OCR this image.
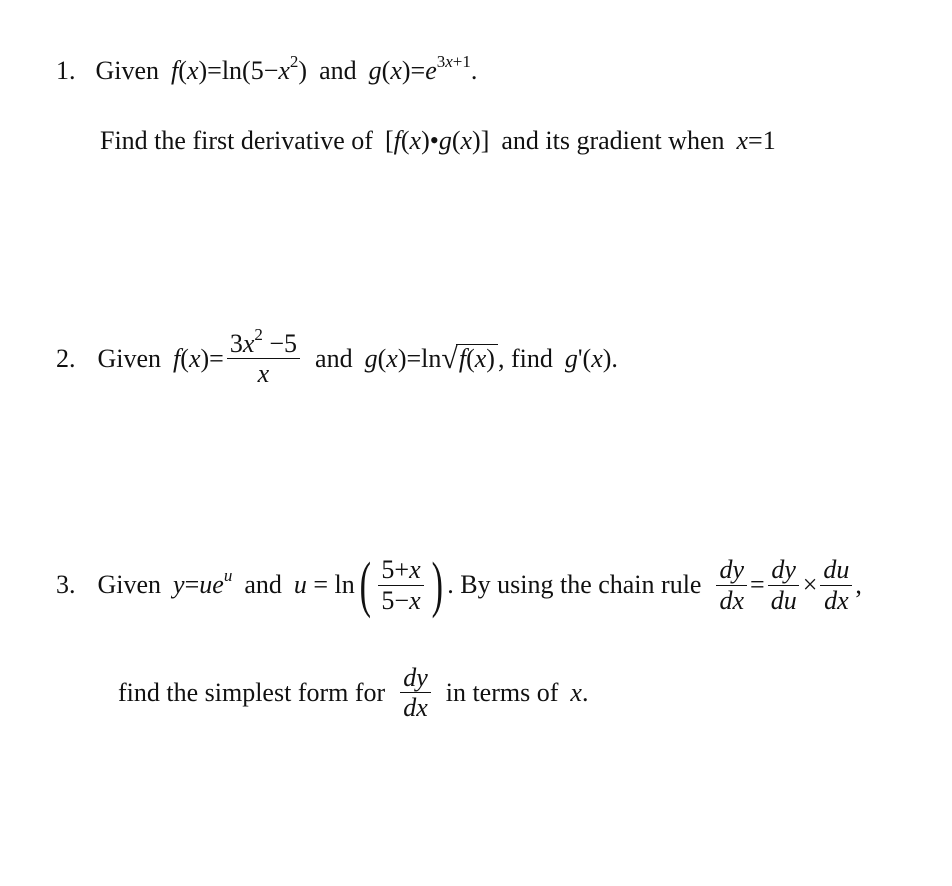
1. Given $f(x)=\ln(5-x^2)$ and $g(x)=e^{3x+1}$.
Find the first derivative of [f(x)•g(x)] and its gradient when x=1
2. Given $f(x)= \frac{3x^2 -5}{x}$ and g(x)=ln √ f(x) , find g'(x).
3. Given $y=ue^u$ and u = ln ( $\frac{5+x}{5-x}$ ) . By using the chain rule $\frac{dy}{dx} = \frac{dy}{du} \times \frac{du}{dx}$ ,
find the simplest form for $\frac{dy}{dx}$ in terms of x.
